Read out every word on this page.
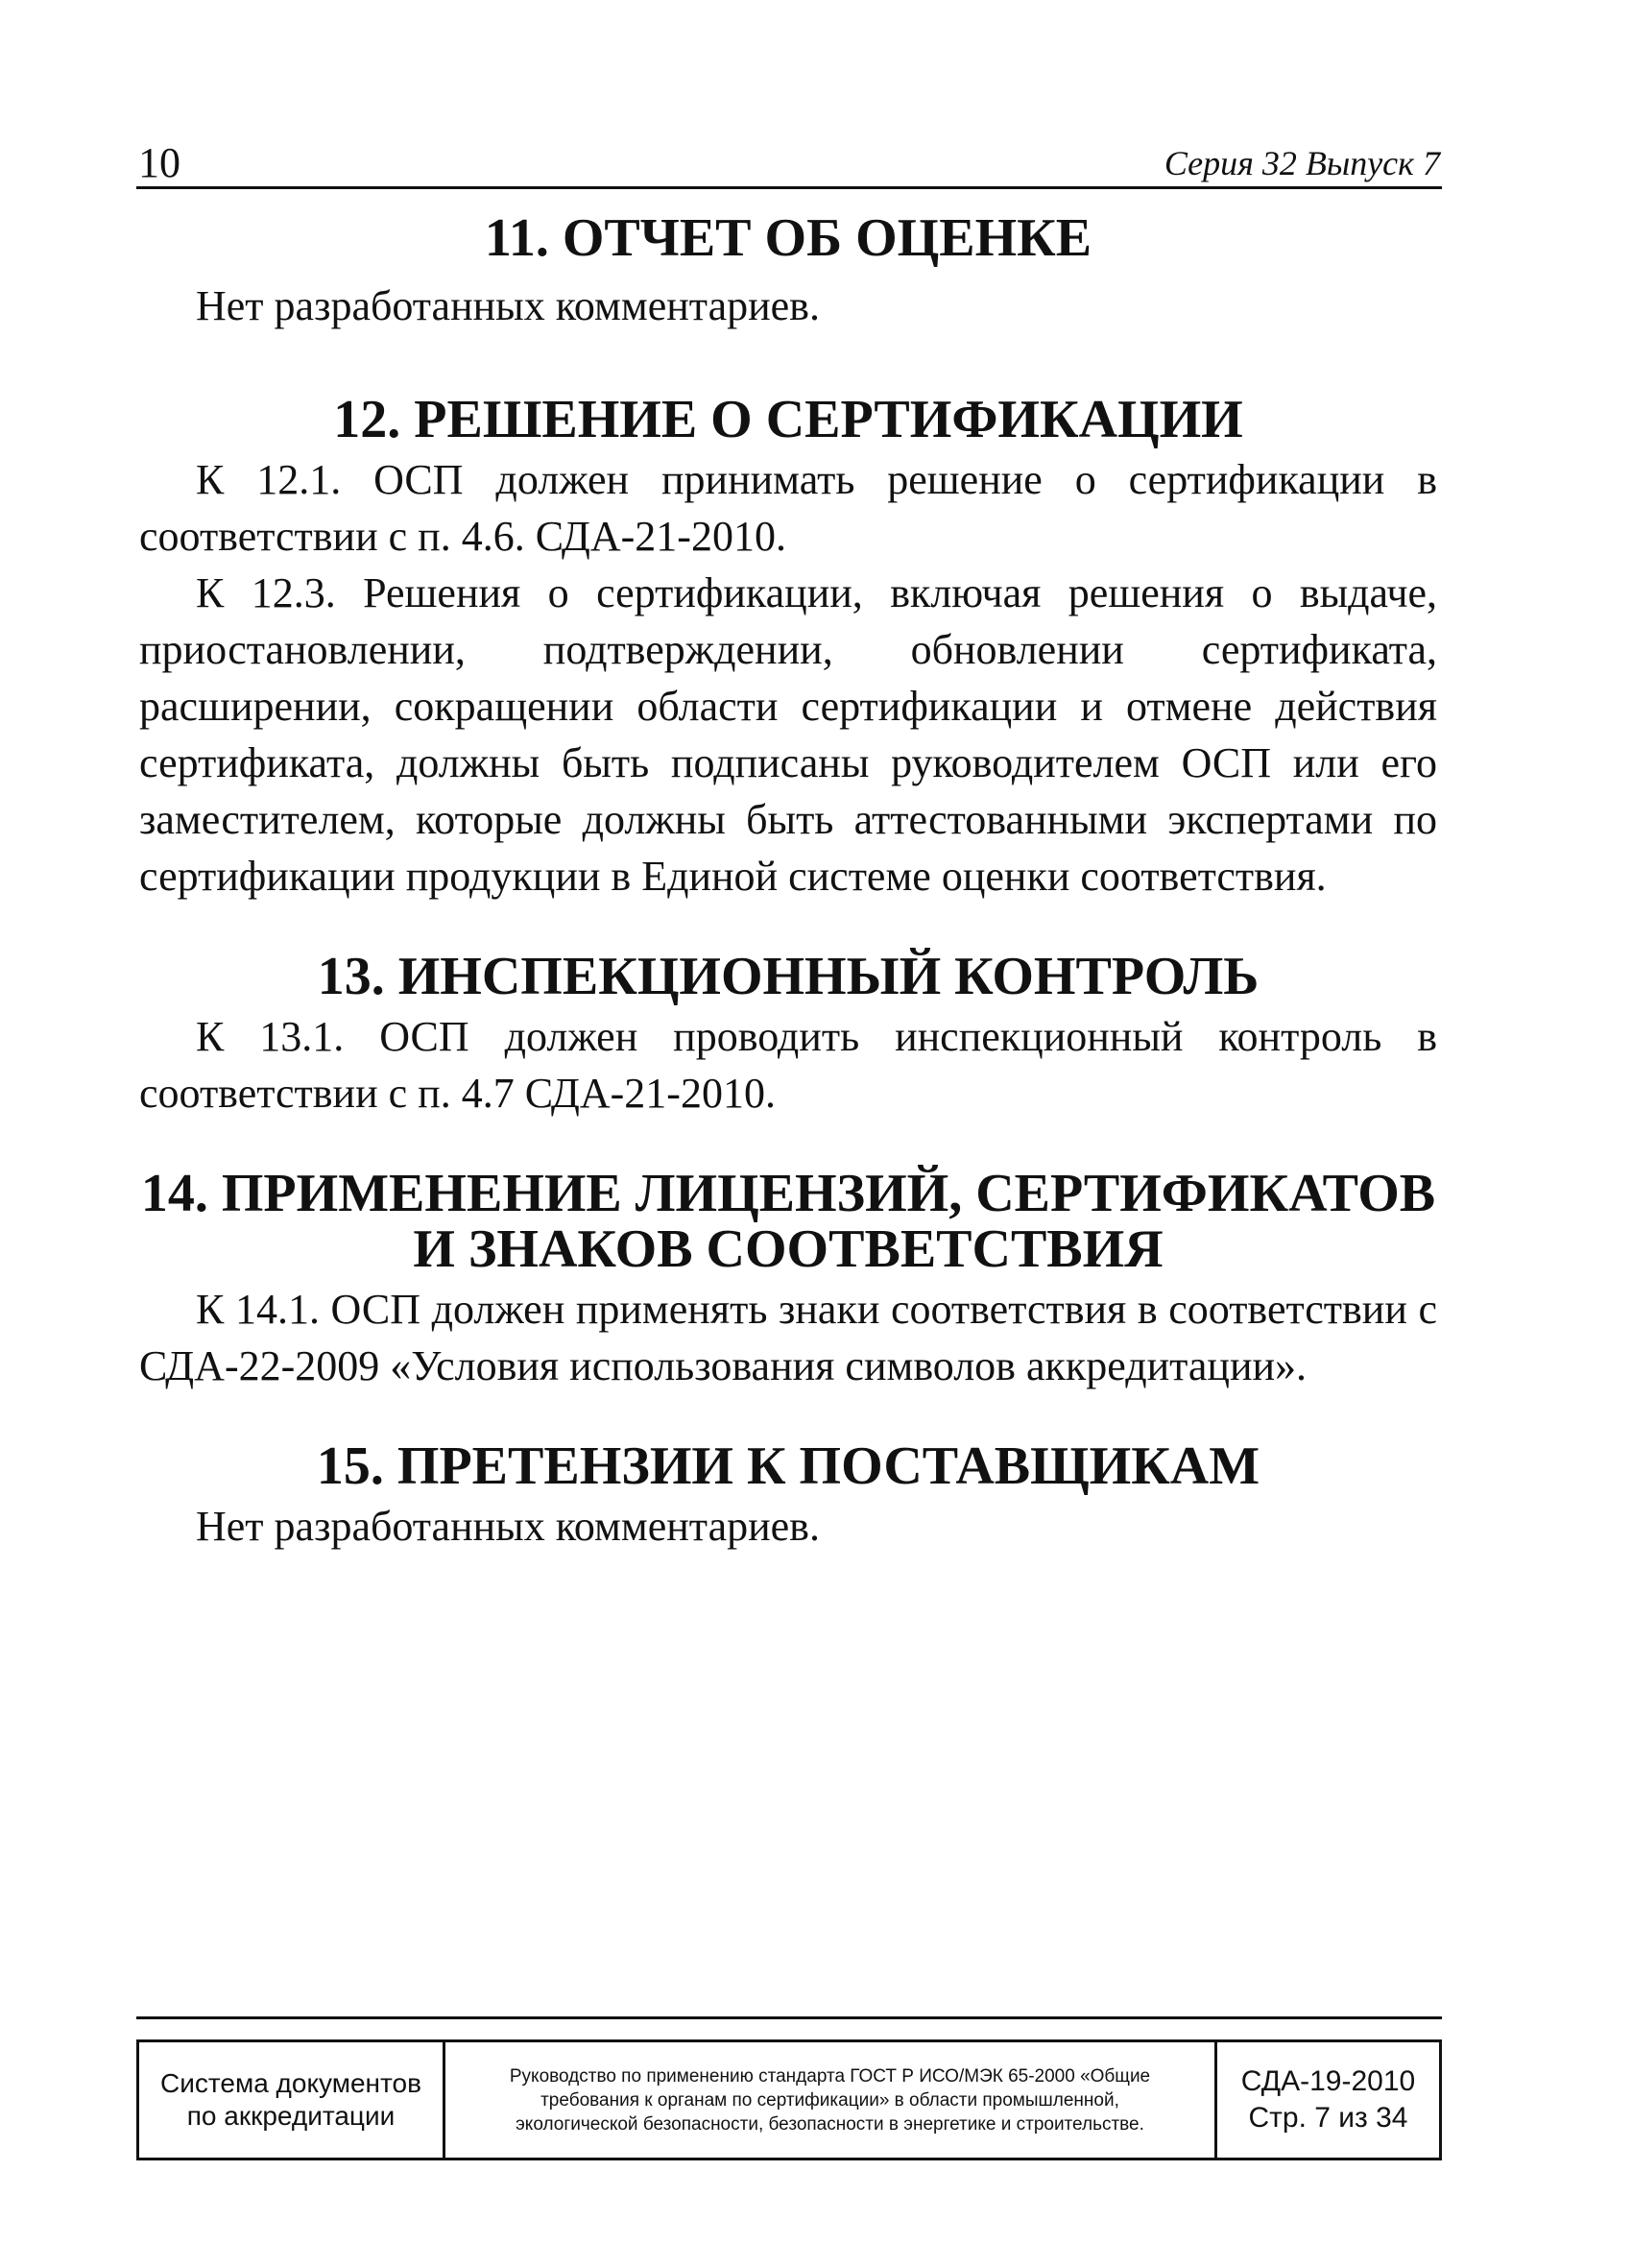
10	Серия 32 Выпуск 7
11. ОТЧЕТ ОБ ОЦЕНКЕ

Нет разработанных комментариев.

12. РЕШЕНИЕ О СЕРТИФИКАЦИИ

К 12.1. ОСП должен принимать решение о сертификации в соответствии с п. 4.6. СДА-21-2010.

К 12.3. Решения о сертификации, включая решения о выдаче, приостановлении, подтверждении, обновлении сертификата, расширении, сокращении области сертификации и отмене действия сертификата, должны быть подписаны руководителем ОСП или его заместителем, которые должны быть аттестованными экспертами по сертификации продукции в Единой системе оценки соответствия.

13. ИНСПЕКЦИОННЫЙ КОНТРОЛЬ

К 13.1. ОСП должен проводить инспекционный контроль в соответствии с п. 4.7 СДА-21-2010.

14. ПРИМЕНЕНИЕ ЛИЦЕНЗИЙ, СЕРТИФИКАТОВ
И ЗНАКОВ СООТВЕТСТВИЯ

К 14.1. ОСП должен применять знаки соответствия в соответствии с СДА-22-2009 «Условия использования символов аккредитации».

15. ПРЕТЕНЗИИ К ПОСТАВЩИКАМ

Нет разработанных комментариев.

Система документов
по аккредитации
Руководство по применению стандарта ГОСТ Р ИСО/МЭК 65-2000 «Общие
требования к органам по сертификации» в области промышленной,
экологической безопасности, безопасности в энергетике и строительстве.
СДА-19-2010
Стр. 7 из 34
